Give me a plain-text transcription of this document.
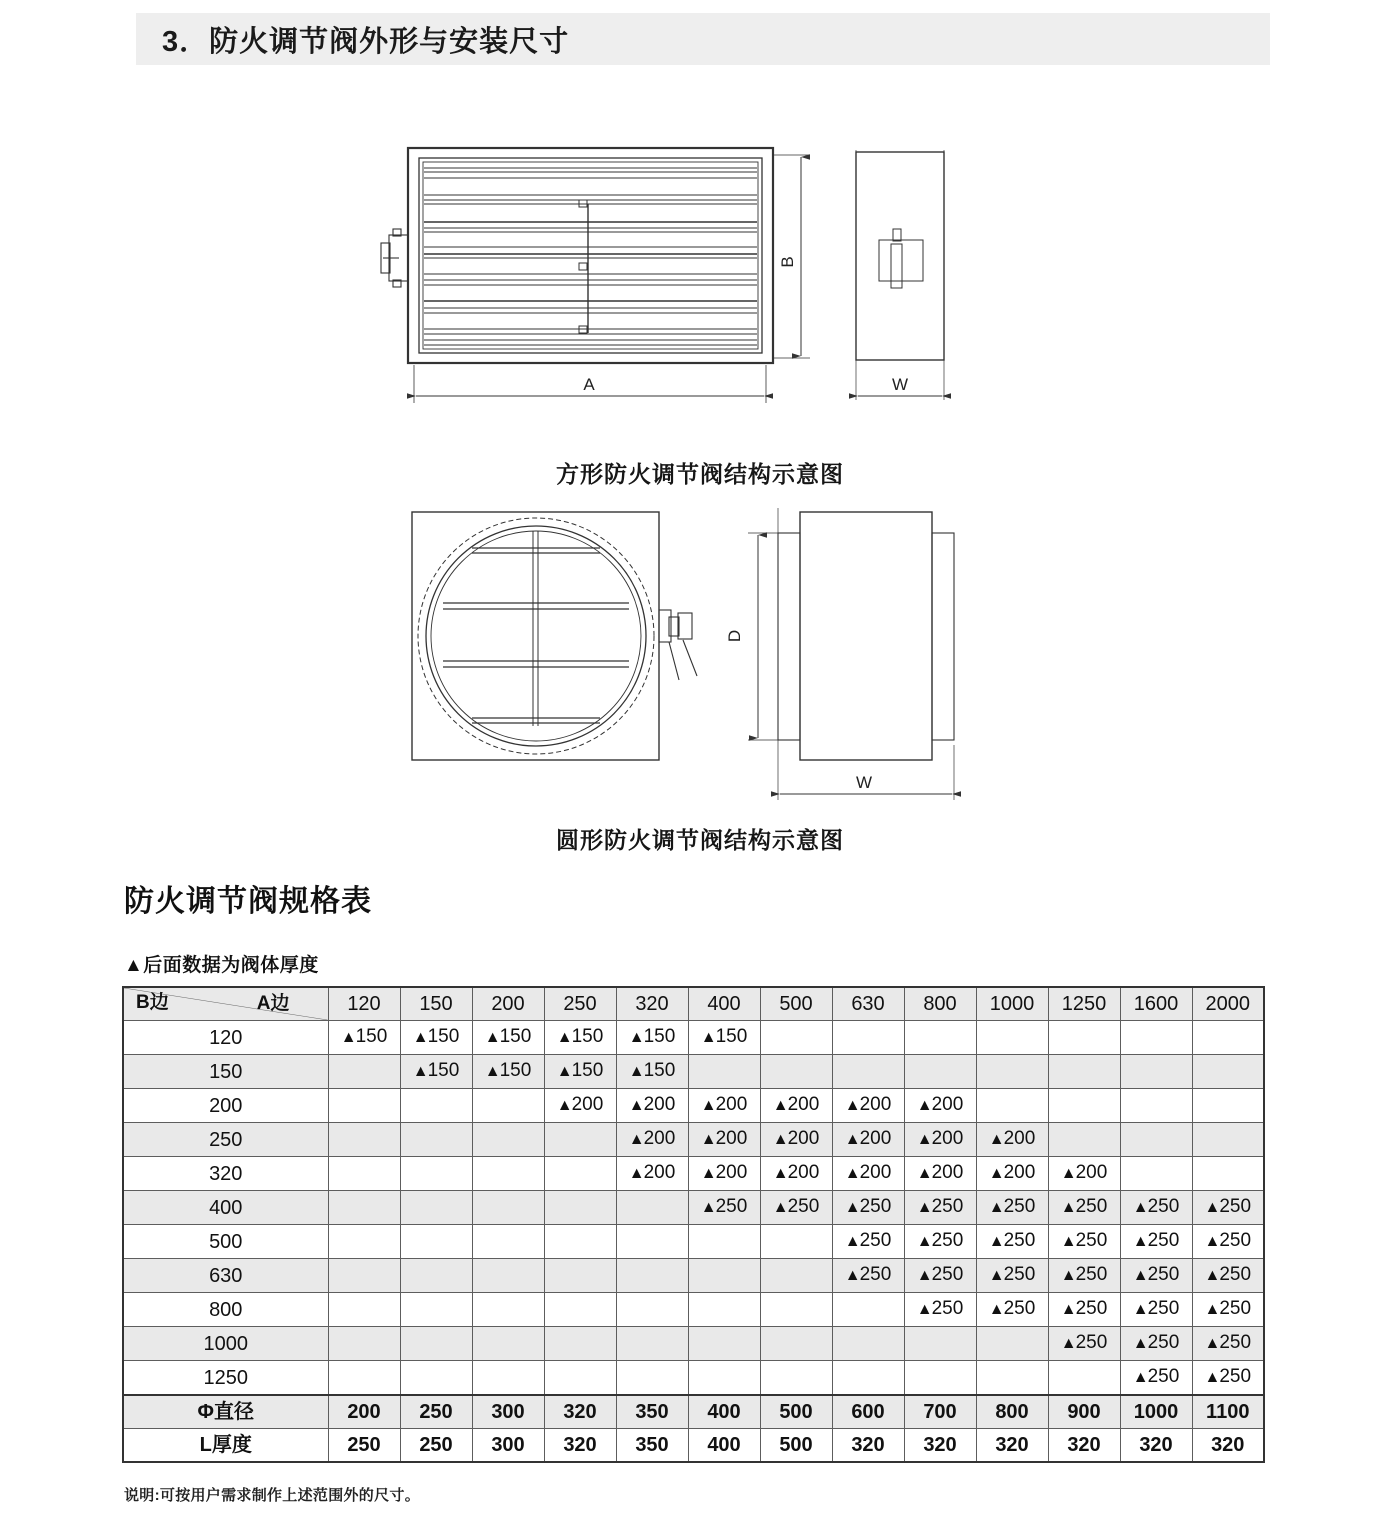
3．防火调节阀外形与安装尺寸
B
A	W
D
W
方形防火调节阀结构示意图
圆形防火调节阀结构示意图
防火调节阀规格表
▲后面数据为阀体厚度
A边
B边	120	150	200	250	320	400	500	630	800	1000	1250	1600	2000
120	▲150	▲150	▲150	▲150	▲150	▲150							
150		▲150	▲150	▲150	▲150								
200				▲200	▲200	▲200	▲200	▲200	▲200				
250					▲200	▲200	▲200	▲200	▲200	▲200			
320					▲200	▲200	▲200	▲200	▲200	▲200	▲200		
400						▲250	▲250	▲250	▲250	▲250	▲250	▲250	▲250
500								▲250	▲250	▲250	▲250	▲250	▲250
630								▲250	▲250	▲250	▲250	▲250	▲250
800									▲250	▲250	▲250	▲250	▲250
1000											▲250	▲250	▲250
1250												▲250	▲250
Φ直径	200	250	300	320	350	400	500	600	700	800	900	1000	1100
L厚度	250	250	300	320	350	400	500	320	320	320	320	320	320
说明:可按用户需求制作上述范围外的尺寸。
